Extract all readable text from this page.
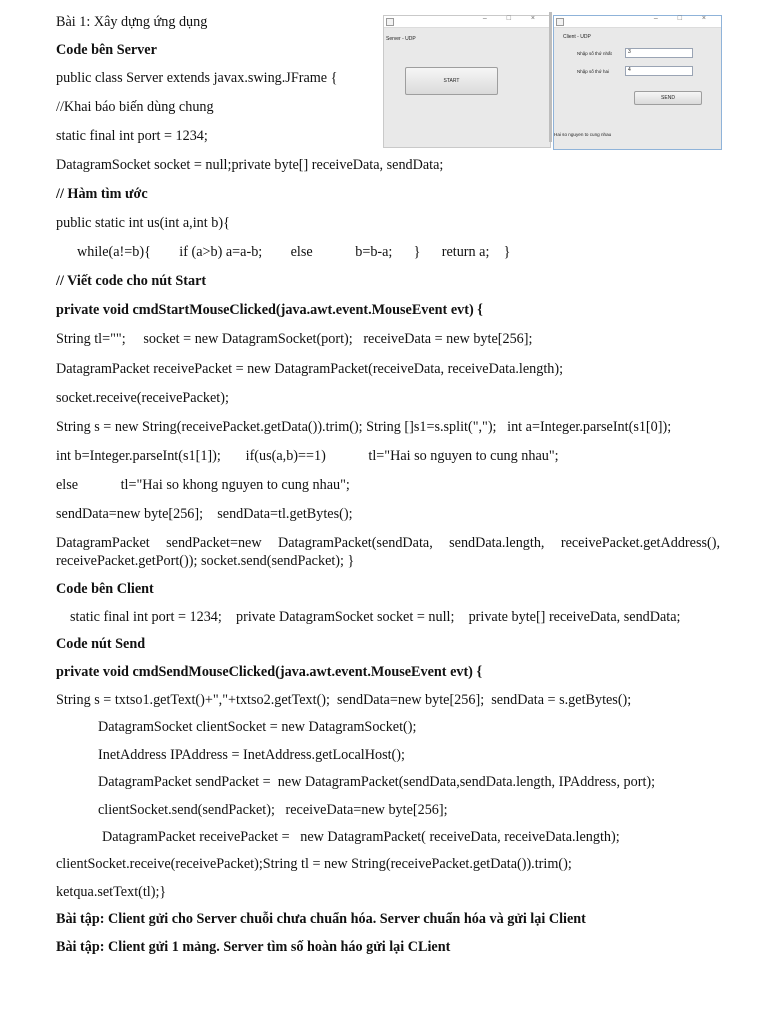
Bài 1: Xây dựng ứng dụng
Code bên Server
public class Server extends javax.swing.JFrame {
//Khai báo biến dùng chung
static final int port = 1234;
DatagramSocket socket = null;private byte[] receiveData, sendData;
// Hàm tìm ước
public static int us(int a,int b){
while(a!=b){        if (a>b) a=a-b;        else            b=b-a;      }      return a;    }
// Viết code cho nút Start
private void cmdStartMouseClicked(java.awt.event.MouseEvent evt) {
String tl="";     socket = new DatagramSocket(port);   receiveData = new byte[256];
DatagramPacket receivePacket = new DatagramPacket(receiveData, receiveData.length);
socket.receive(receivePacket);
String s = new String(receivePacket.getData()).trim(); String []s1=s.split(",");   int a=Integer.parseInt(s1[0]);
int b=Integer.parseInt(s1[1]);       if(us(a,b)==1)            tl="Hai so nguyen to cung nhau";
else            tl="Hai so khong nguyen to cung nhau";
sendData=new byte[256];    sendData=tl.getBytes();
DatagramPacket sendPacket=new DatagramPacket(sendData, sendData.length, receivePacket.getAddress(), receivePacket.getPort()); socket.send(sendPacket); }
Code bên Client
static final int port = 1234;    private DatagramSocket socket = null;    private byte[] receiveData, sendData;
Code nút Send
private void cmdSendMouseClicked(java.awt.event.MouseEvent evt) {
String s = txtso1.getText()+","+txtso2.getText();  sendData=new byte[256];  sendData = s.getBytes();
DatagramSocket clientSocket = new DatagramSocket();
InetAddress IPAddress = InetAddress.getLocalHost();
DatagramPacket sendPacket =  new DatagramPacket(sendData,sendData.length, IPAddress, port);
clientSocket.send(sendPacket);   receiveData=new byte[256];
DatagramPacket receivePacket =   new DatagramPacket( receiveData, receiveData.length);
clientSocket.receive(receivePacket);String tl = new String(receivePacket.getData()).trim();
ketqua.setText(tl);}
Bài tập: Client gửi cho Server chuỗi chưa chuẩn hóa. Server chuẩn hóa và gửi lại Client
Bài tập: Client gửi 1 mảng. Server tìm số hoàn háo gửi lại CLient
– □ ×
Server - UDP
START
– □ ×
Client - UDP
Nhập số thứ nhất	3
Nhập số thứ hai	4
SEND
Hai so nguyen to cung nhau
